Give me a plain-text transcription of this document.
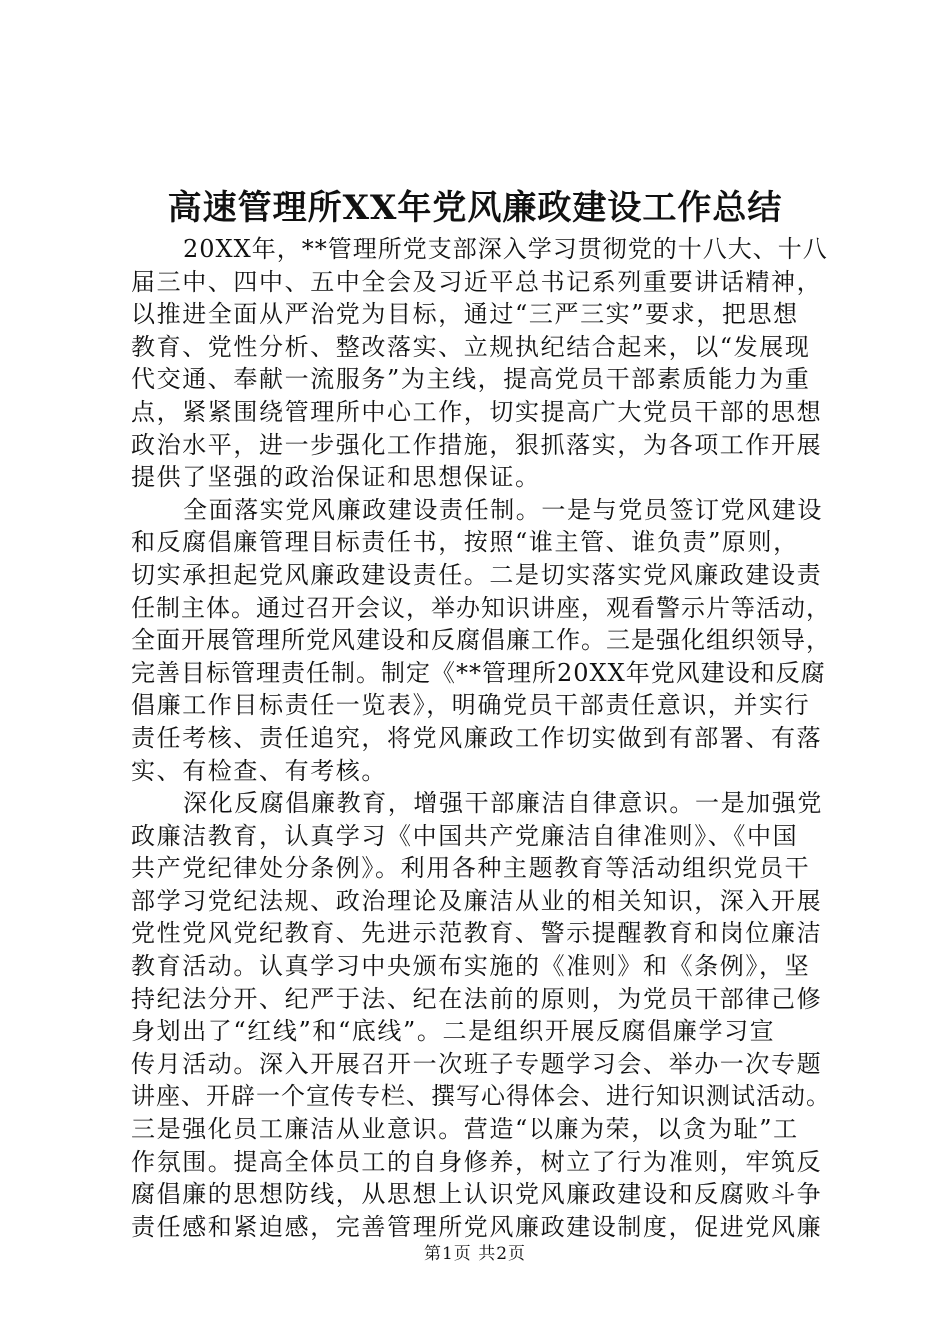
高速管理所XX年党风廉政建设工作总结

20XX年，**管理所党支部深入学习贯彻党的十八大、十八
届三中、四中、五中全会及习近平总书记系列重要讲话精神，
以推进全面从严治党为目标，通过“三严三实”要求，把思想
教育、党性分析、整改落实、立规执纪结合起来，以“发展现
代交通、奉献一流服务”为主线，提高党员干部素质能力为重
点，紧紧围绕管理所中心工作，切实提高广大党员干部的思想
政治水平，进一步强化工作措施，狠抓落实，为各项工作开展
提供了坚强的政治保证和思想保证。

全面落实党风廉政建设责任制。一是与党员签订党风建设
和反腐倡廉管理目标责任书，按照“谁主管、谁负责”原则，
切实承担起党风廉政建设责任。二是切实落实党风廉政建设责
任制主体。通过召开会议，举办知识讲座，观看警示片等活动，
全面开展管理所党风建设和反腐倡廉工作。三是强化组织领导，
完善目标管理责任制。制定《**管理所20XX年党风建设和反腐
倡廉工作目标责任一览表》，明确党员干部责任意识，并实行
责任考核、责任追究，将党风廉政工作切实做到有部署、有落
实、有检查、有考核。

深化反腐倡廉教育，增强干部廉洁自律意识。一是加强党
政廉洁教育，认真学习《中国共产党廉洁自律准则》、《中国
共产党纪律处分条例》。利用各种主题教育等活动组织党员干
部学习党纪法规、政治理论及廉洁从业的相关知识，深入开展
党性党风党纪教育、先进示范教育、警示提醒教育和岗位廉洁
教育活动。认真学习中央颁布实施的《准则》和《条例》，坚
持纪法分开、纪严于法、纪在法前的原则，为党员干部律己修
身划出了“红线”和“底线”。二是组织开展反腐倡廉学习宣
传月活动。深入开展召开一次班子专题学习会、举办一次专题
讲座、开辟一个宣传专栏、撰写心得体会、进行知识测试活动。
三是强化员工廉洁从业意识。营造“以廉为荣，以贪为耻”工
作氛围。提高全体员工的自身修养，树立了行为准则，牢筑反
腐倡廉的思想防线，从思想上认识党风廉政建设和反腐败斗争
责任感和紧迫感，完善管理所党风廉政建设制度，促进党风廉

第1页 共2页
